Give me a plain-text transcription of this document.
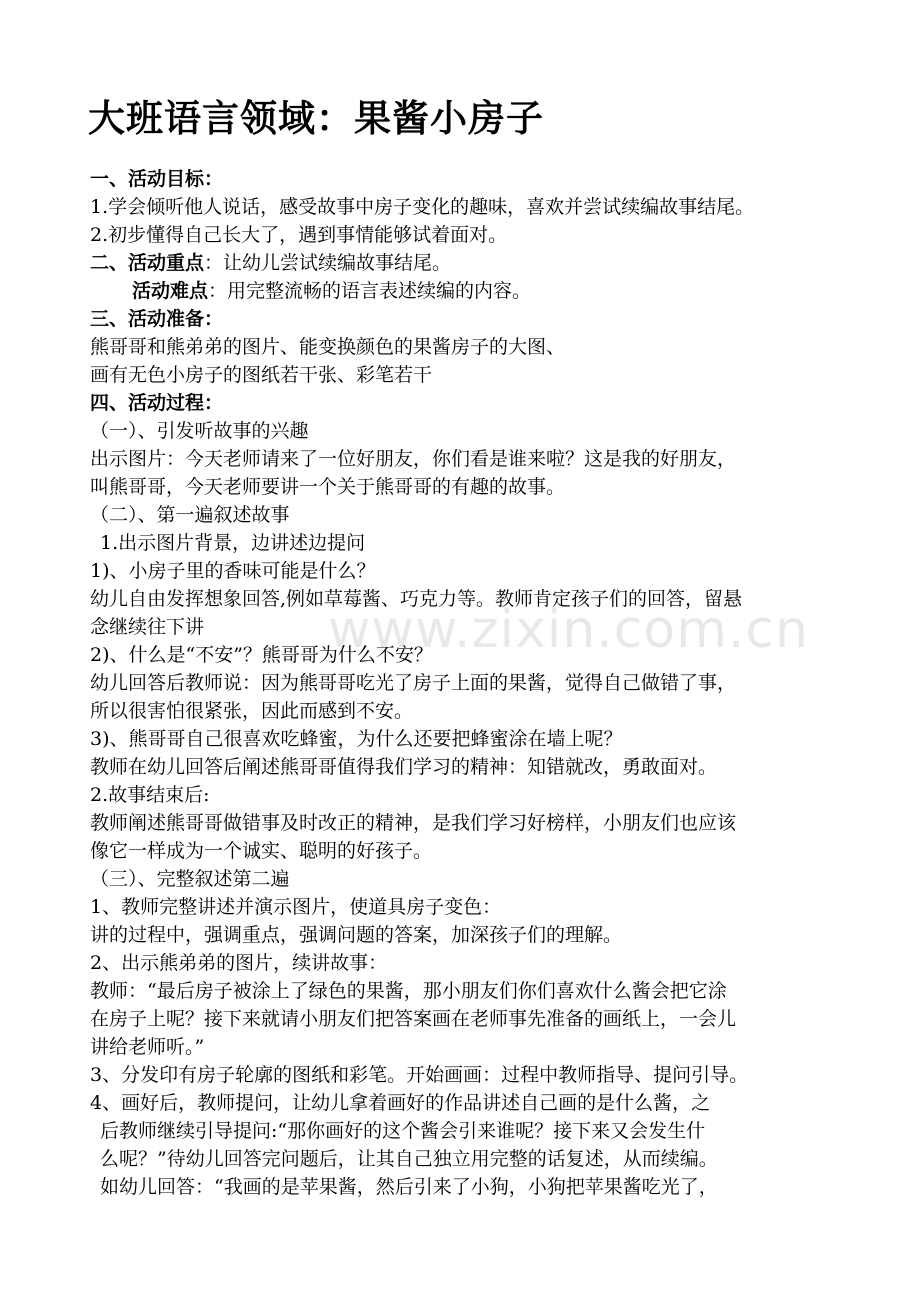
www.zixin.com.cn
大班语言领域：果酱小房子
一、活动目标：
1.学会倾听他人说话，感受故事中房子变化的趣味，喜欢并尝试续编故事结尾。
2.初步懂得自己长大了，遇到事情能够试着面对。
二、活动重点：让幼儿尝试续编故事结尾。
活动难点：用完整流畅的语言表述续编的内容。
三、活动准备：
熊哥哥和熊弟弟的图片、能变换颜色的果酱房子的大图、
画有无色小房子的图纸若干张、彩笔若干
四、活动过程：
（一）、引发听故事的兴趣
出示图片：今天老师请来了一位好朋友，你们看是谁来啦？这是我的好朋友，
叫熊哥哥，今天老师要讲一个关于熊哥哥的有趣的故事。
（二）、第一遍叙述故事
1.出示图片背景，边讲述边提问
1)、小房子里的香味可能是什么？
幼儿自由发挥想象回答,例如草莓酱、巧克力等。教师肯定孩子们的回答，留悬
念继续往下讲
2)、什么是“不安”？熊哥哥为什么不安？
幼儿回答后教师说：因为熊哥哥吃光了房子上面的果酱，觉得自己做错了事，
所以很害怕很紧张，因此而感到不安。
3)、熊哥哥自己很喜欢吃蜂蜜，为什么还要把蜂蜜涂在墙上呢？
教师在幼儿回答后阐述熊哥哥值得我们学习的精神：知错就改，勇敢面对。
2.故事结束后:
教师阐述熊哥哥做错事及时改正的精神，是我们学习好榜样，小朋友们也应该
像它一样成为一个诚实、聪明的好孩子。
（三）、完整叙述第二遍
1、教师完整讲述并演示图片，使道具房子变色：
讲的过程中，强调重点，强调问题的答案，加深孩子们的理解。
2、出示熊弟弟的图片，续讲故事：
教师：“最后房子被涂上了绿色的果酱，那小朋友们你们喜欢什么酱会把它涂
在房子上呢？接下来就请小朋友们把答案画在老师事先准备的画纸上，一会儿
讲给老师听。”
3、分发印有房子轮廓的图纸和彩笔。开始画画：过程中教师指导、提问引导。
4、画好后，教师提问，让幼儿拿着画好的作品讲述自己画的是什么酱，之
后教师继续引导提问:“那你画好的这个酱会引来谁呢？接下来又会发生什
么呢？”待幼儿回答完问题后，让其自己独立用完整的话复述，从而续编。
如幼儿回答：“我画的是苹果酱，然后引来了小狗，小狗把苹果酱吃光了，
